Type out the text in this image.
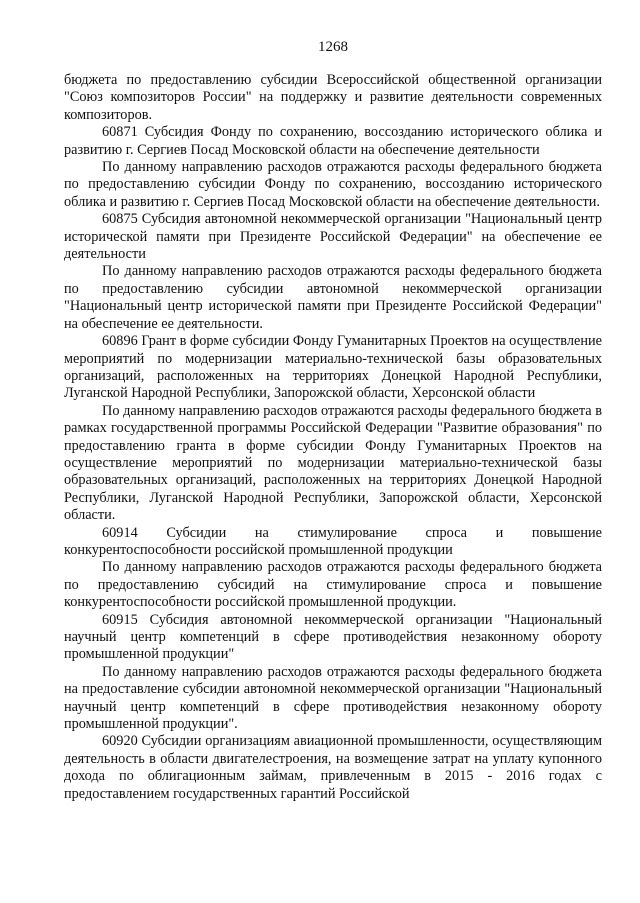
1268

бюджета по предоставлению субсидии Всероссийской общественной организации "Союз композиторов России" на поддержку и развитие деятельности современных композиторов.

60871 Субсидия Фонду по сохранению, воссозданию исторического облика и развитию г. Сергиев Посад Московской области на обеспечение деятельности

По данному направлению расходов отражаются расходы федерального бюджета по предоставлению субсидии Фонду по сохранению, воссозданию исторического облика и развитию г. Сергиев Посад Московской области на обеспечение деятельности.

60875 Субсидия автономной некоммерческой организации "Национальный центр исторической памяти при Президенте Российской Федерации" на обеспечение ее деятельности

По данному направлению расходов отражаются расходы федерального бюджета по предоставлению субсидии автономной некоммерческой организации "Национальный центр исторической памяти при Президенте Российской Федерации" на обеспечение ее деятельности.

60896 Грант в форме субсидии Фонду Гуманитарных Проектов на осуществление мероприятий по модернизации материально-технической базы образовательных организаций, расположенных на территориях Донецкой Народной Республики, Луганской Народной Республики, Запорожской области, Херсонской области

По данному направлению расходов отражаются расходы федерального бюджета в рамках государственной программы Российской Федерации "Развитие образования" по предоставлению гранта в форме субсидии Фонду Гуманитарных Проектов на осуществление мероприятий по модернизации материально-технической базы образовательных организаций, расположенных на территориях Донецкой Народной Республики, Луганской Народной Республики, Запорожской области, Херсонской области.

60914 Субсидии на стимулирование спроса и повышение конкурентоспособности российской промышленной продукции

По данному направлению расходов отражаются расходы федерального бюджета по предоставлению субсидий на стимулирование спроса и повышение конкурентоспособности российской промышленной продукции.

60915 Субсидия автономной некоммерческой организации "Национальный научный центр компетенций в сфере противодействия незаконному обороту промышленной продукции"

По данному направлению расходов отражаются расходы федерального бюджета на предоставление субсидии автономной некоммерческой организации "Национальный научный центр компетенций в сфере противодействия незаконному обороту промышленной продукции".

60920 Субсидии организациям авиационной промышленности, осуществляющим деятельность в области двигателестроения, на возмещение затрат на уплату купонного дохода по облигационным займам, привлеченным в 2015 - 2016 годах с предоставлением государственных гарантий Российской
